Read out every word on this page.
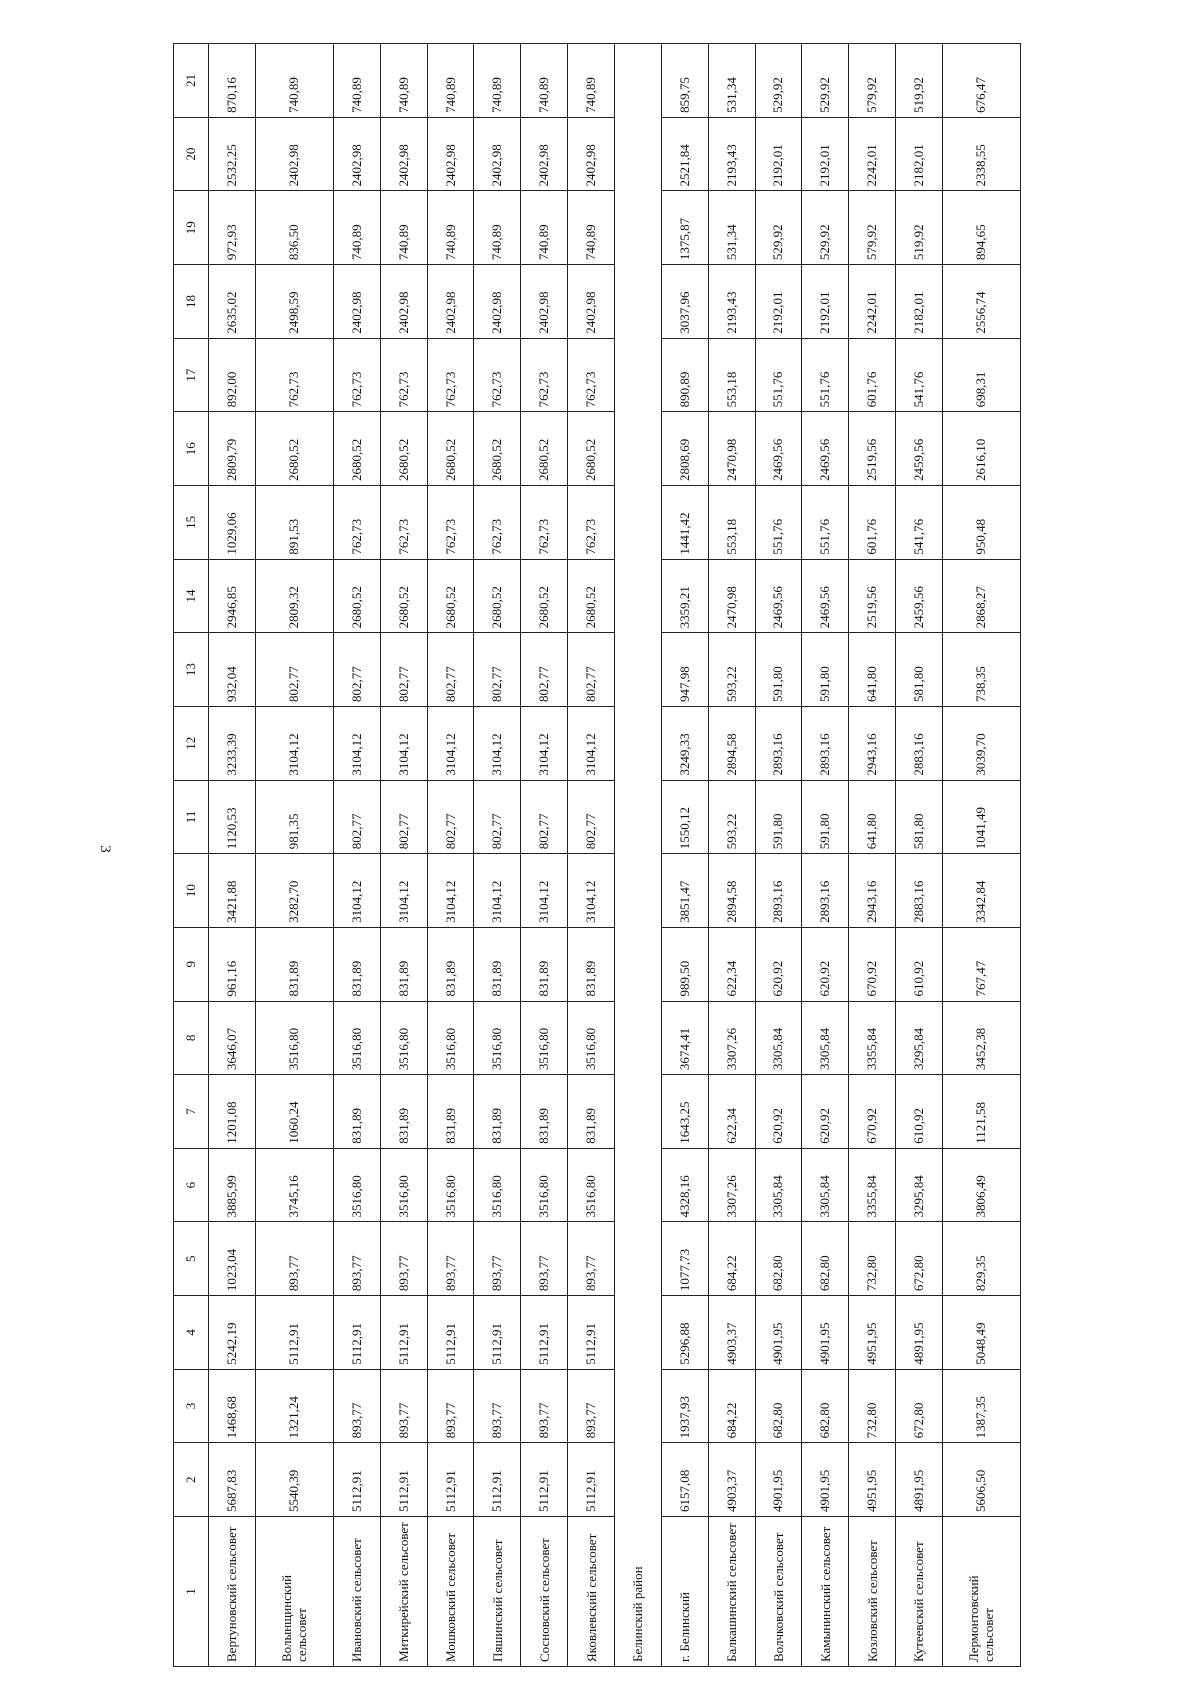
3
1	2	3	4	5	6	7	8	9	10	11	12	13	14	15	16	17	18	19	20	21
Вертуновский сельсовет	5687,83	1468,68	5242,19	1023,04	3885,99	1201,08	3646,07	961,16	3421,88	1120,53	3233,39	932,04	2946,85	1029,06	2809,79	892,00	2635,02	972,93	2532,25	870,16
Волынщинский сельсовет	5540,39	1321,24	5112,91	893,77	3745,16	1060,24	3516,80	831,89	3282,70	981,35	3104,12	802,77	2809,32	891,53	2680,52	762,73	2498,59	836,50	2402,98	740,89
Ивановский сельсовет	5112,91	893,77	5112,91	893,77	3516,80	831,89	3516,80	831,89	3104,12	802,77	3104,12	802,77	2680,52	762,73	2680,52	762,73	2402,98	740,89	2402,98	740,89
Миткирейский сельсовет	5112,91	893,77	5112,91	893,77	3516,80	831,89	3516,80	831,89	3104,12	802,77	3104,12	802,77	2680,52	762,73	2680,52	762,73	2402,98	740,89	2402,98	740,89
Мошковский сельсовет	5112,91	893,77	5112,91	893,77	3516,80	831,89	3516,80	831,89	3104,12	802,77	3104,12	802,77	2680,52	762,73	2680,52	762,73	2402,98	740,89	2402,98	740,89
Пяшинский сельсовет	5112,91	893,77	5112,91	893,77	3516,80	831,89	3516,80	831,89	3104,12	802,77	3104,12	802,77	2680,52	762,73	2680,52	762,73	2402,98	740,89	2402,98	740,89
Сосновский сельсовет	5112,91	893,77	5112,91	893,77	3516,80	831,89	3516,80	831,89	3104,12	802,77	3104,12	802,77	2680,52	762,73	2680,52	762,73	2402,98	740,89	2402,98	740,89
Яковлевский сельсовет	5112,91	893,77	5112,91	893,77	3516,80	831,89	3516,80	831,89	3104,12	802,77	3104,12	802,77	2680,52	762,73	2680,52	762,73	2402,98	740,89	2402,98	740,89
Белинский район																				
г. Белинский	6157,08	1937,93	5296,88	1077,73	4328,16	1643,25	3674,41	989,50	3851,47	1550,12	3249,33	947,98	3359,21	1441,42	2808,69	890,89	3037,96	1375,87	2521,84	859,75
Балкашинский сельсовет	4903,37	684,22	4903,37	684,22	3307,26	622,34	3307,26	622,34	2894,58	593,22	2894,58	593,22	2470,98	553,18	2470,98	553,18	2193,43	531,34	2193,43	531,34
Волчковский сельсовет	4901,95	682,80	4901,95	682,80	3305,84	620,92	3305,84	620,92	2893,16	591,80	2893,16	591,80	2469,56	551,76	2469,56	551,76	2192,01	529,92	2192,01	529,92
Камынинский сельсовет	4901,95	682,80	4901,95	682,80	3305,84	620,92	3305,84	620,92	2893,16	591,80	2893,16	591,80	2469,56	551,76	2469,56	551,76	2192,01	529,92	2192,01	529,92
Козловский сельсовет	4951,95	732,80	4951,95	732,80	3355,84	670,92	3355,84	670,92	2943,16	641,80	2943,16	641,80	2519,56	601,76	2519,56	601,76	2242,01	579,92	2242,01	579,92
Кутеевский сельсовет	4891,95	672,80	4891,95	672,80	3295,84	610,92	3295,84	610,92	2883,16	581,80	2883,16	581,80	2459,56	541,76	2459,56	541,76	2182,01	519,92	2182,01	519,92
Лермонтовский сельсовет	5606,50	1387,35	5048,49	829,35	3806,49	1121,58	3452,38	767,47	3342,84	1041,49	3039,70	738,35	2868,27	950,48	2616,10	698,31	2556,74	894,65	2338,55	676,47
